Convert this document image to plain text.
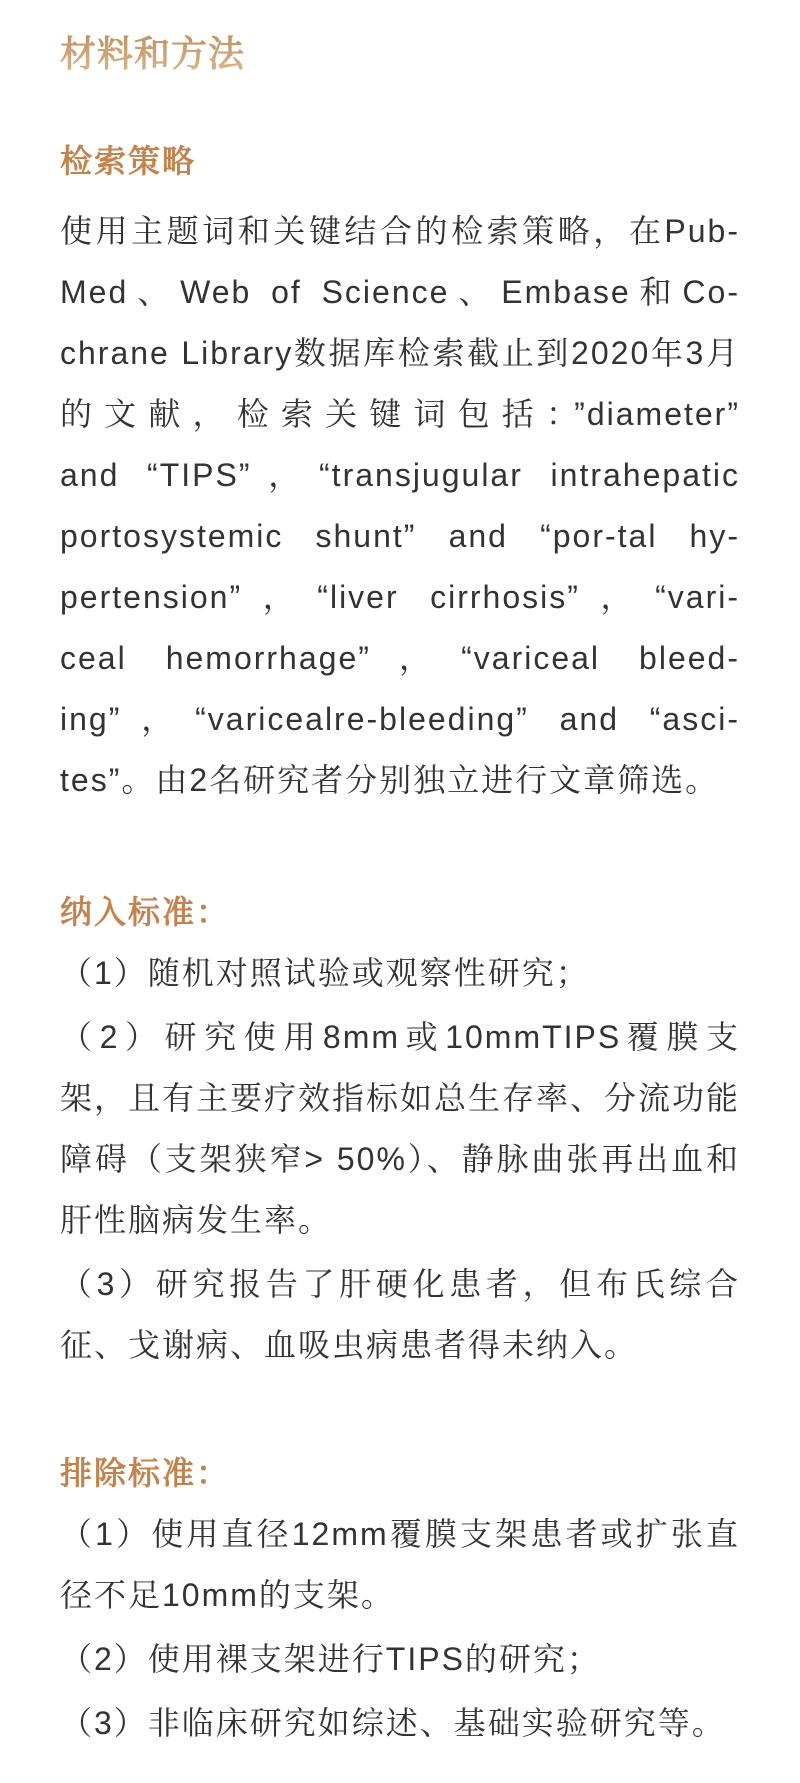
材料和方法
检索策略
使用主题词和关键结合的检索策略，在Pub-
Med、Web of Science、Embase和Co-
chrane Library数据库检索截止到2020年3月
的文献，检索关键词包括：”diameter”
and “TIPS”，“transjugular intrahepatic
portosystemic shunt” and “por-tal hy-
pertension”，“liver cirrhosis”，“vari-
ceal hemorrhage”，“variceal bleed-
ing”，“varicealre-bleeding” and “asci-
tes”。由2名研究者分别独立进行文章筛选。
纳入标准：
（1）随机对照试验或观察性研究；
（2）研究使用8mm或10mmTIPS覆膜支
架，且有主要疗效指标如总生存率、分流功能
障碍（支架狭窄> 50%）、静脉曲张再出血和
肝性脑病发生率。
（3）研究报告了肝硬化患者，但布氏综合
征、戈谢病、血吸虫病患者得未纳入。
排除标准：
（1）使用直径12mm覆膜支架患者或扩张直
径不足10mm的支架。
（2）使用裸支架进行TIPS的研究；
（3）非临床研究如综述、基础实验研究等。
